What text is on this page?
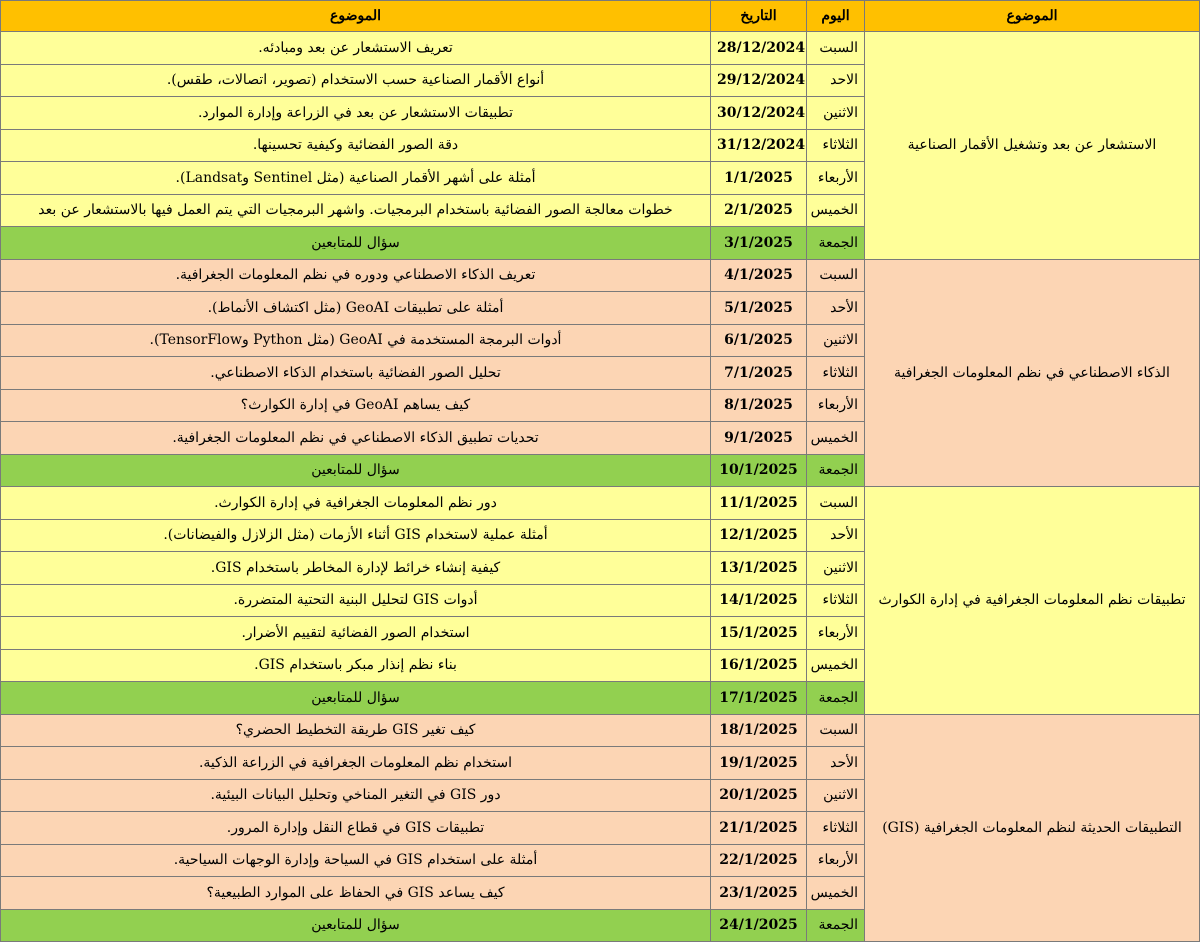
الموضوع	اليوم	التاريخ	الموضوع
الاستشعار عن بعد وتشغيل الأقمار الصناعية	السبت	28/12/2024	تعريف الاستشعار عن بعد ومبادئه.
	الاحد	29/12/2024	أنواع الأقمار الصناعية حسب الاستخدام (تصوير، اتصالات، طقس).
	الاثنين	30/12/2024	تطبيقات الاستشعار عن بعد في الزراعة وإدارة الموارد.
	الثلاثاء	31/12/2024	دقة الصور الفضائية وكيفية تحسينها.
	الأربعاء	1/1/2025	أمثلة على أشهر الأقمار الصناعية (مثل Sentinel وLandsat).
	الخميس	2/1/2025	خطوات معالجة الصور الفضائية باستخدام البرمجيات. واشهر البرمجيات التي يتم العمل فيها بالاستشعار عن بعد
	الجمعة	3/1/2025	سؤال للمتابعين
الذكاء الاصطناعي في نظم المعلومات الجغرافية	السبت	4/1/2025	تعريف الذكاء الاصطناعي ودوره في نظم المعلومات الجغرافية.
	الأحد	5/1/2025	أمثلة على تطبيقات GeoAI (مثل اكتشاف الأنماط).
	الاثنين	6/1/2025	أدوات البرمجة المستخدمة في GeoAI (مثل Python وTensorFlow).
	الثلاثاء	7/1/2025	تحليل الصور الفضائية باستخدام الذكاء الاصطناعي.
	الأربعاء	8/1/2025	كيف يساهم GeoAI في إدارة الكوارث؟
	الخميس	9/1/2025	تحديات تطبيق الذكاء الاصطناعي في نظم المعلومات الجغرافية.
	الجمعة	10/1/2025	سؤال للمتابعين
تطبيقات نظم المعلومات الجغرافية في إدارة الكوارث	السبت	11/1/2025	دور نظم المعلومات الجغرافية في إدارة الكوارث.
	الأحد	12/1/2025	أمثلة عملية لاستخدام GIS أثناء الأزمات (مثل الزلازل والفيضانات).
	الاثنين	13/1/2025	كيفية إنشاء خرائط لإدارة المخاطر باستخدام GIS.
	الثلاثاء	14/1/2025	أدوات GIS لتحليل البنية التحتية المتضررة.
	الأربعاء	15/1/2025	استخدام الصور الفضائية لتقييم الأضرار.
	الخميس	16/1/2025	بناء نظم إنذار مبكر باستخدام GIS.
	الجمعة	17/1/2025	سؤال للمتابعين
التطبيقات الحديثة لنظم المعلومات الجغرافية (GIS)	السبت	18/1/2025	كيف تغير GIS طريقة التخطيط الحضري؟
	الأحد	19/1/2025	استخدام نظم المعلومات الجغرافية في الزراعة الذكية.
	الاثنين	20/1/2025	دور GIS في التغير المناخي وتحليل البيانات البيئية.
	الثلاثاء	21/1/2025	تطبيقات GIS في قطاع النقل وإدارة المرور.
	الأربعاء	22/1/2025	أمثلة على استخدام GIS في السياحة وإدارة الوجهات السياحية.
	الخميس	23/1/2025	كيف يساعد GIS في الحفاظ على الموارد الطبيعية؟
	الجمعة	24/1/2025	سؤال للمتابعين
